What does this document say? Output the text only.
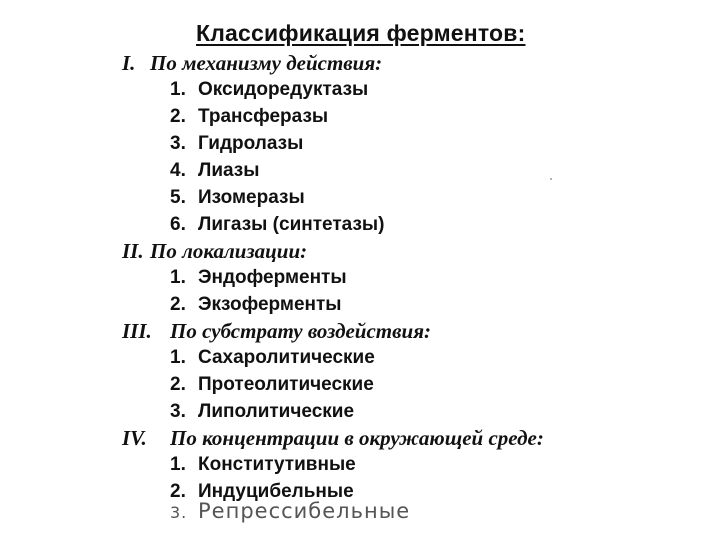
Классификация ферментов:
I. По механизму действия:
1. Оксидоредуктазы
2. Трансферазы
3. Гидролазы
4. Лиазы
5. Изомеразы
6. Лигазы (синтетазы)
II. По локализации:
1. Эндоферменты
2. Экзоферменты
III. По субстрату воздействия:
1. Сахаролитические
2. Протеолитические
3. Липолитические
IV. По концентрации в окружающей среде:
1. Конститутивные
2. Индуцибельные
3. Репрессибельные
